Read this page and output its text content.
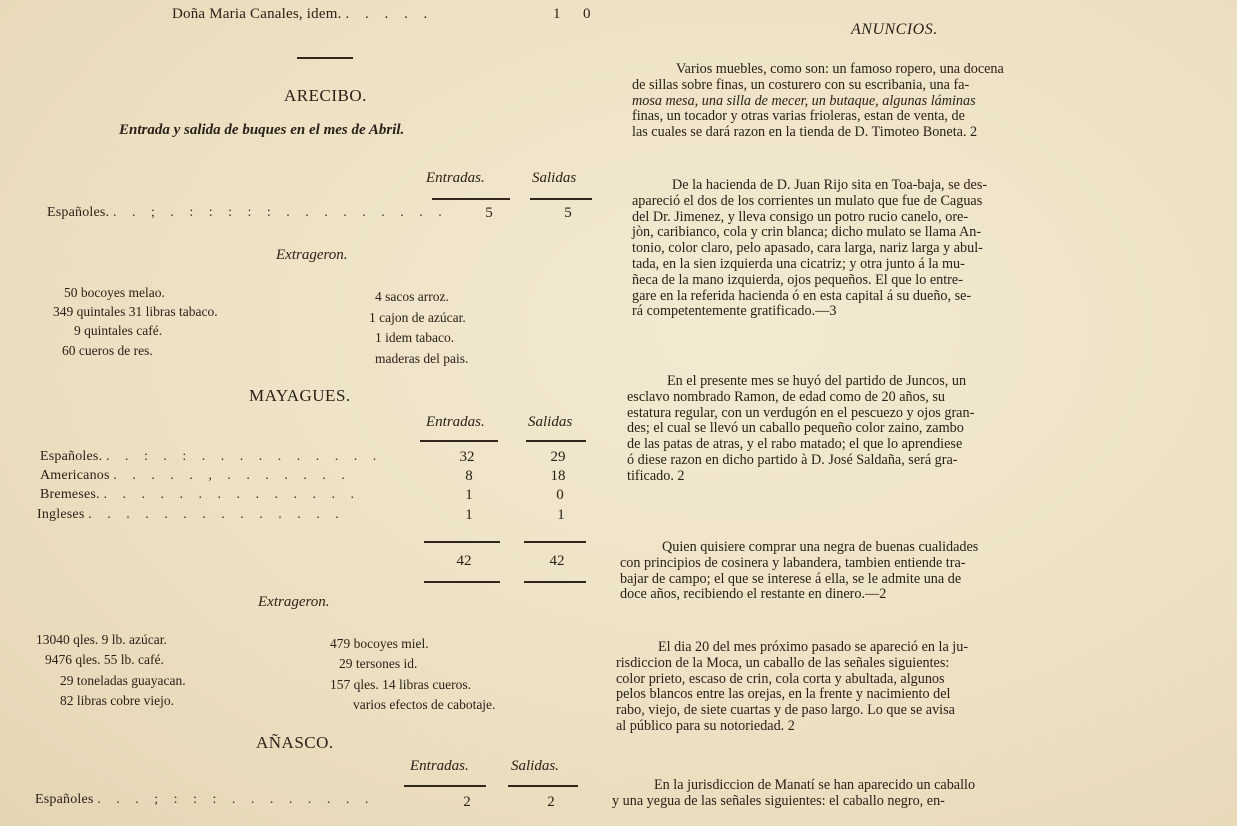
Doña Maria Canales, idem. . . . . .	1 0
ARECIBO.
Entrada y salida de buques en el mes de Abril.
Entradas.	Salidas
Españoles. . . ; . : : : : : . . . . . . . . .	5	5
Extrageron.
50 bocoyes melao.
349 quintales 31 libras tabaco.
9 quintales café.
60 cueros de res.
4 sacos arroz.
1 cajon de azúcar.
1 idem tabaco.
maderas del pais.
MAYAGUES.
Entradas.	Salidas
Españoles. . . : . : . . . . . . . . . .	32	29
Americanos . . . . . , . . . . . . .	8	18
Bremeses. . . . . . . . . . . . . . .	1	0
Ingleses . . . . . . . . . . . . . .	1	1
42	42
Extrageron.
13040 qles. 9 lb. azúcar.
9476 qles. 55 lb. café.
29 toneladas guayacan.
82 libras cobre viejo.
479 bocoyes miel.
29 tersones id.
157 qles. 14 libras cueros.
varios efectos de cabotaje.
AÑASCO.
Entradas.	Salidas.
Españoles . . . ; : : : . . . . . . . .	2	2
ANUNCIOS.
Varios muebles, como son: un famoso ropero, una docena
de sillas sobre finas, un costurero con su escribania, una fa-
mosa mesa, una silla de mecer, un butaque, algunas láminas
finas, un tocador y otras varias frioleras, estan de venta, de
las cuales se dará razon en la tienda de D. Timoteo Boneta. 2
De la hacienda de D. Juan Rijo sita en Toa-baja, se des-
apareció el dos de los corrientes un mulato que fue de Caguas
del Dr. Jimenez, y lleva consigo un potro rucio canelo, ore-
jòn, caribianco, cola y crin blanca; dicho mulato se llama An-
tonio, color claro, pelo apasado, cara larga, nariz larga y abul-
tada, en la sien izquierda una cicatriz; y otra junto á la mu-
ñeca de la mano izquierda, ojos pequeños. El que lo entre-
gare en la referida hacienda ó en esta capital á su dueño, se-
rá competentemente gratificado.—3
En el presente mes se huyó del partido de Juncos, un
esclavo nombrado Ramon, de edad como de 20 años, su
estatura regular, con un verdugón en el pescuezo y ojos gran-
des; el cual se llevó un caballo pequeño color zaino, zambo
de las patas de atras, y el rabo matado; el que lo aprendiese
ó diese razon en dicho partido à D. José Saldaña, será gra-
tificado. 2
Quien quisiere comprar una negra de buenas cualidades
con principios de cosinera y labandera, tambien entiende tra-
bajar de campo; el que se interese á ella, se le admite una de
doce años, recibiendo el restante en dinero.—2
El dia 20 del mes próximo pasado se apareció en la ju-
risdiccion de la Moca, un caballo de las señales siguientes:
color prieto, escaso de crin, cola corta y abultada, algunos
pelos blancos entre las orejas, en la frente y nacimiento del
rabo, viejo, de siete cuartas y de paso largo. Lo que se avisa
al público para su notoriedad. 2
En la jurisdiccion de Manatí se han aparecido un caballo
y una yegua de las señales siguientes: el caballo negro, en-
